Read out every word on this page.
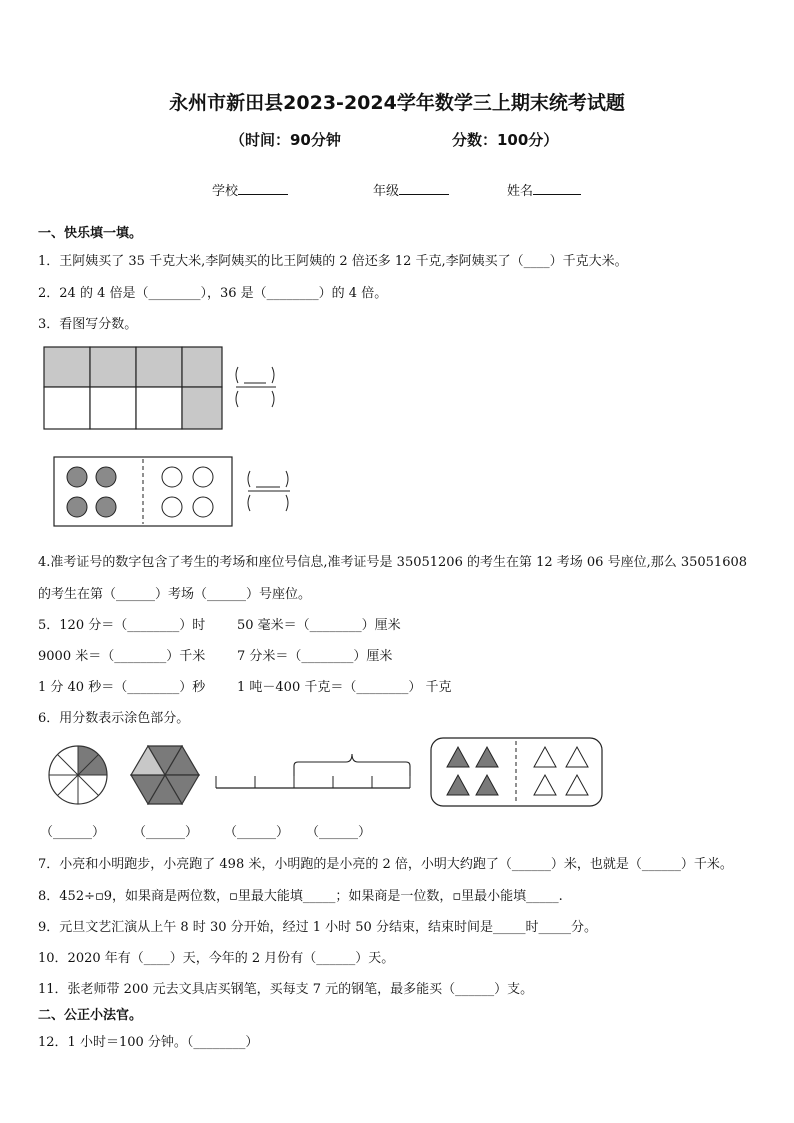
永州市新田县2023-2024学年数学三上期末统考试题
（时间：90分钟	分数：100分）
学校	年级	姓名
一、快乐填一填。
1．王阿姨买了 35 千克大米,李阿姨买的比王阿姨的 2 倍还多 12 千克,李阿姨买了（____）千克大米。
2．24 的 4 倍是（________），36 是（________）的 4 倍。
3．看图写分数。
4.准考证号的数字包含了考生的考场和座位号信息,准考证号是 35051206 的考生在第 12 考场 06 号座位,那么 35051608
的考生在第（______）考场（______）号座位。
5．120 分＝（________）时 50 毫米＝（________）厘米
9000 米＝（________）千米 7 分米＝（________）厘米
1 分 40 秒＝（________）秒 1 吨－400 千克＝（________） 千克
6．用分数表示涂色部分。
（______） （______） （______） （______）
7．小亮和小明跑步，小亮跑了 498 米，小明跑的是小亮的 2 倍，小明大约跑了（______）米，也就是（______）千米。
8．452÷▫9，如果商是两位数，▫里最大能填_____；如果商是一位数，▫里最小能填_____.
9．元旦文艺汇演从上午 8 时 30 分开始，经过 1 小时 50 分结束，结束时间是_____时_____分。
10．2020 年有（____）天，今年的 2 月份有（______）天。
11．张老师带 200 元去文具店买钢笔，买每支 7 元的钢笔，最多能买（______）支。
二、公正小法官。
12．1 小时＝100 分钟。（________）
